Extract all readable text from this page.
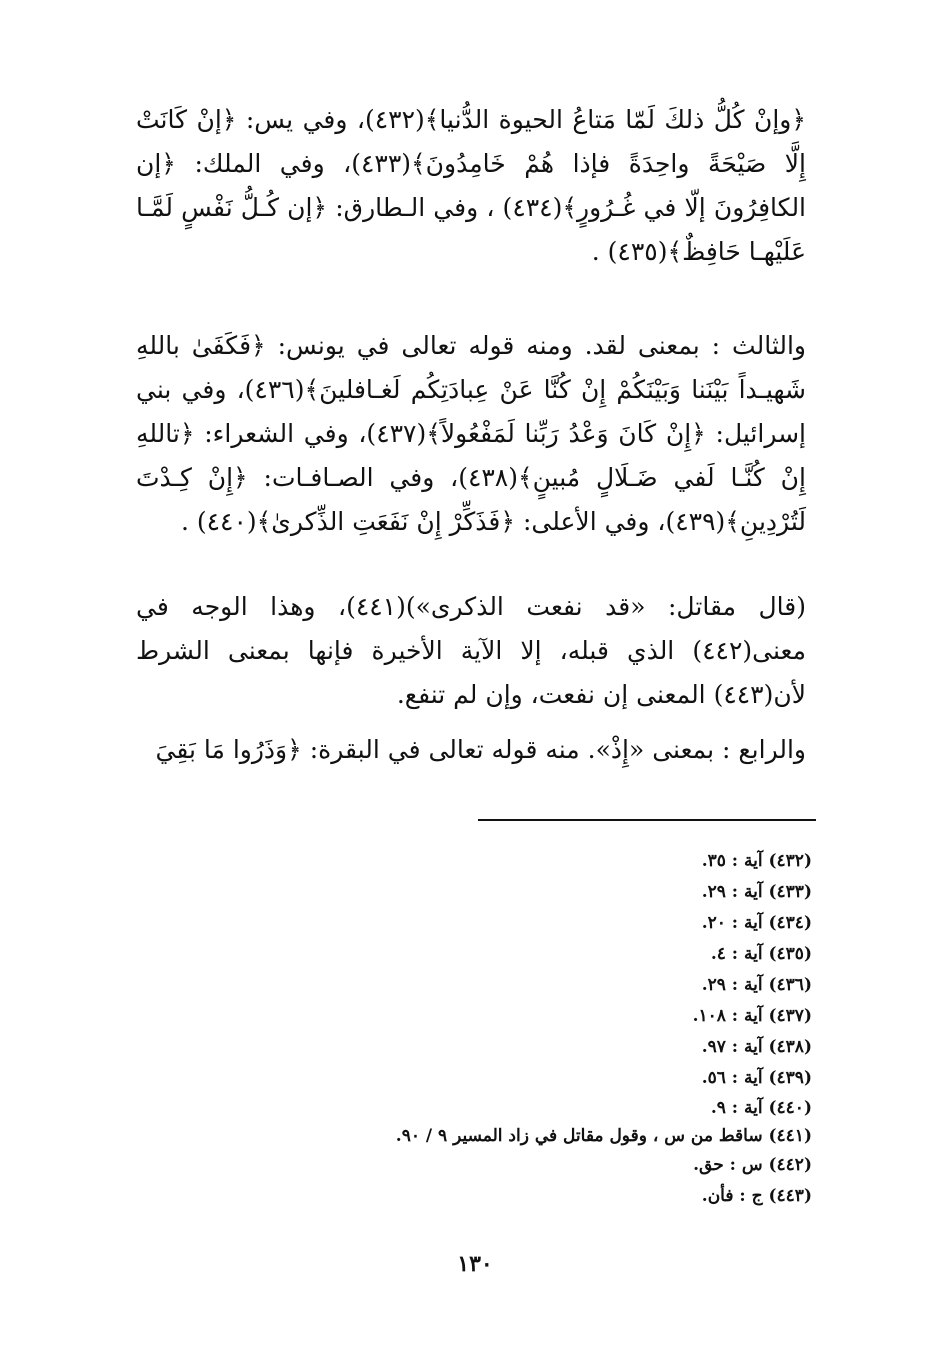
﴿وإنْ كُلُّ ذلكَ لَمّا مَتاعُ الحيوة الدُّنيا﴾(٤٣٢)، وفي يس: ﴿إنْ كَانَتْ إِلَّا صَيْحَةً واحِدَةً فإذا هُمْ خَامِدُونَ﴾(٤٣٣)، وفي الملك: ﴿إن الكافِرُونَ إلّا في غُـرُورٍ﴾(٤٣٤) ، وفي الـطارق: ﴿إن كُـلُّ نَفْسٍ لَمَّـا عَلَيْهـا حَافِظٌ﴾(٤٣٥) .

والثالث : بمعنى لقد. ومنه قوله تعالى في يونس: ﴿فَكَفَىٰ باللهِ شَهيـداً بَيْنَنا وَبَيْنَكُمْ إِنْ كُنَّا عَنْ عِبادَتِكُم لَغـافلينَ﴾(٤٣٦)، وفي بني إسرائيل: ﴿إِنْ كَانَ وَعْدُ رَبِّنا لَمَفْعُولاً﴾(٤٣٧)، وفي الشعراء: ﴿تاللهِ إِنْ كُنَّـا لَفي ضَـلَالٍ مُبينٍ﴾(٤٣٨)، وفي الصـافـات: ﴿إِنْ كِـدْتَ لَتُرْدِينِ﴾(٤٣٩)، وفي الأعلى: ﴿فَذَكِّرْ إِنْ نَفَعَتِ الذِّكرىٰ﴾(٤٤٠) .

(قال مقاتل: «قد نفعت الذكرى»)(٤٤١)، وهذا الوجه في معنى(٤٤٢) الذي قبله، إلا الآية الأخيرة فإنها بمعنى الشرط لأن(٤٤٣) المعنى إن نفعت، وإن لم تنفع.

والرابع : بمعنى «إِذْ». منه قوله تعالى في البقرة: ﴿وَذَرُوا مَا بَقِيَ

(٤٣٢) آية : ٣٥.
(٤٣٣) آية : ٢٩.
(٤٣٤) آية : ٢٠.
(٤٣٥) آية : ٤.
(٤٣٦) آية : ٢٩.
(٤٣٧) آية : ١٠٨.
(٤٣٨) آية : ٩٧.
(٤٣٩) آية : ٥٦.
(٤٤٠) آية : ٩.
(٤٤١) ساقط من س ، وقول مقاتل في زاد المسير ٩ / ٩٠.
(٤٤٢) س : حق.
(٤٤٣) ج : فأن.
١٣٠
